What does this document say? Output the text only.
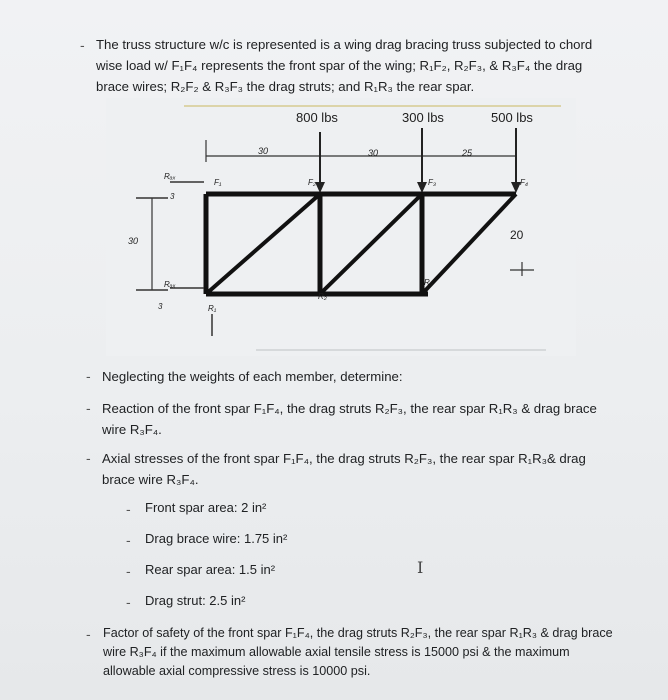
- The truss structure w/c is represented is a wing drag bracing truss subjected to chord wise load w/ F₁F₄ represents the front spar of the wing; R₁F₂, R₂F₃, & R₃F₄ the drag brace wires; R₂F₂ & R₃F₃ the drag struts; and R₁R₃ the rear spar.
800 lbs	300 lbs	500 lbs
30	30	25
30	20
Rₐₓ
Rₐₓ
F₁	F₂	F₃	F₄
R₁
R₂
R₃
3
3
- Neglecting the weights of each member, determine:
- Reaction of the front spar F₁F₄, the drag struts R₂F₃, the rear spar R₁R₃ & drag brace wire R₃F₄.
- Axial stresses of the front spar F₁F₄, the drag struts R₂F₃, the rear spar R₁R₃& drag brace wire R₃F₄.
- Front spar area: 2 in²
- Drag brace wire: 1.75 in²
- Rear spar area: 1.5 in²
- Drag strut: 2.5 in²
I
- Factor of safety of the front spar F₁F₄, the drag struts R₂F₃, the rear spar R₁R₃ & drag brace wire R₃F₄ if the maximum allowable axial tensile stress is 15000 psi & the maximum allowable axial compressive stress is 10000 psi.
